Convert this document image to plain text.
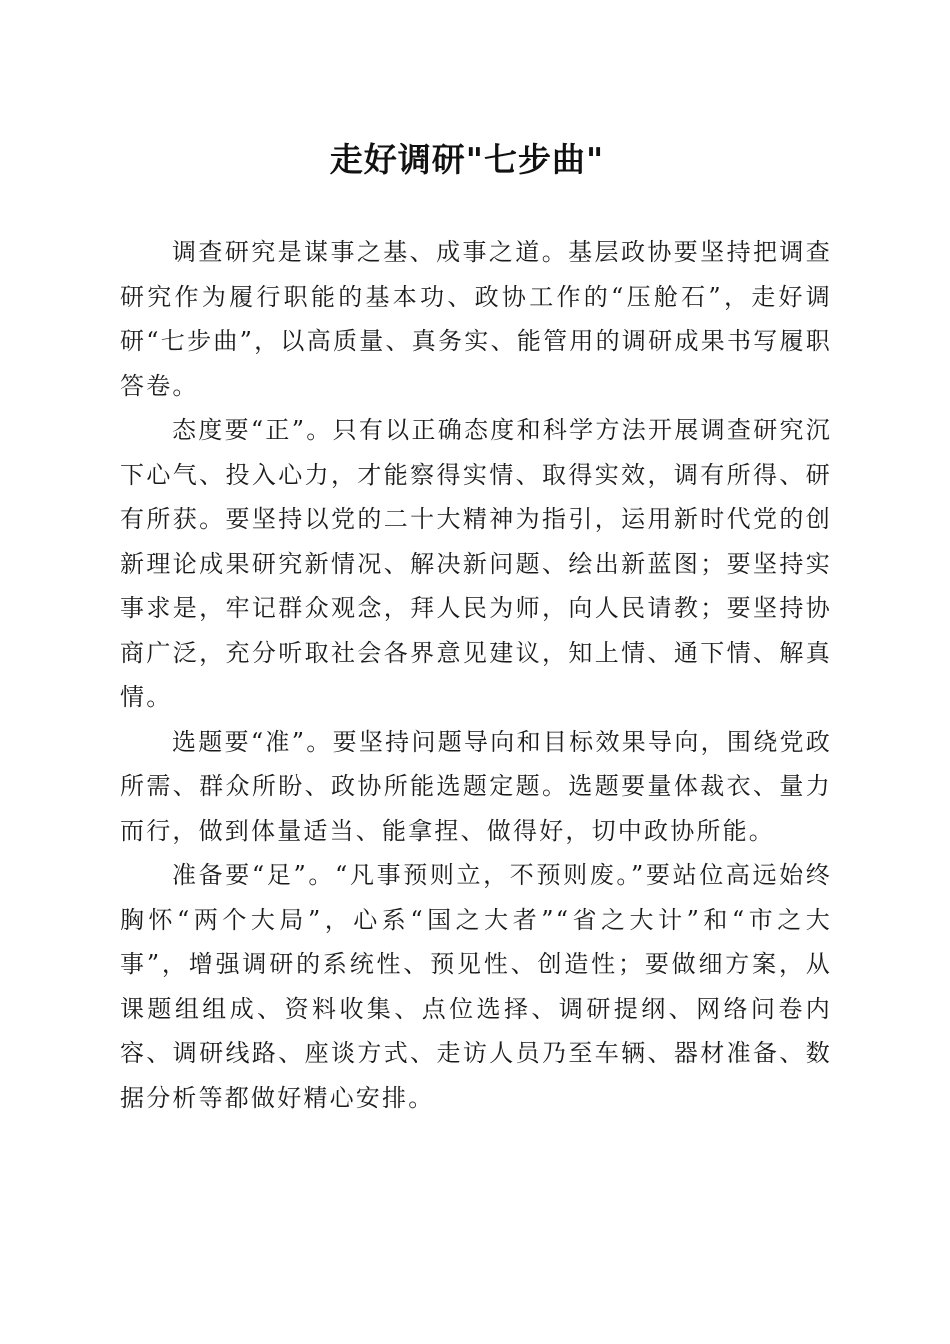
走好调研"七步曲"

调查研究是谋事之基、成事之道。基层政协要坚持把调查研究作为履行职能的基本功、政协工作的“压舱石”，走好调研“七步曲”，以高质量、真务实、能管用的调研成果书写履职答卷。

态度要“正”。只有以正确态度和科学方法开展调查研究沉下心气、投入心力，才能察得实情、取得实效，调有所得、研有所获。要坚持以党的二十大精神为指引，运用新时代党的创新理论成果研究新情况、解决新问题、绘出新蓝图；要坚持实事求是，牢记群众观念，拜人民为师，向人民请教；要坚持协商广泛，充分听取社会各界意见建议，知上情、通下情、解真情。

选题要“准”。要坚持问题导向和目标效果导向，围绕党政所需、群众所盼、政协所能选题定题。选题要量体裁衣、量力而行，做到体量适当、能拿捏、做得好，切中政协所能。

准备要“足”。“凡事预则立，不预则废。”要站位高远始终胸怀“两个大局”，心系“国之大者”“省之大计”和“市之大事”，增强调研的系统性、预见性、创造性；要做细方案，从课题组组成、资料收集、点位选择、调研提纲、网络问卷内容、调研线路、座谈方式、走访人员乃至车辆、器材准备、数据分析等都做好精心安排。
